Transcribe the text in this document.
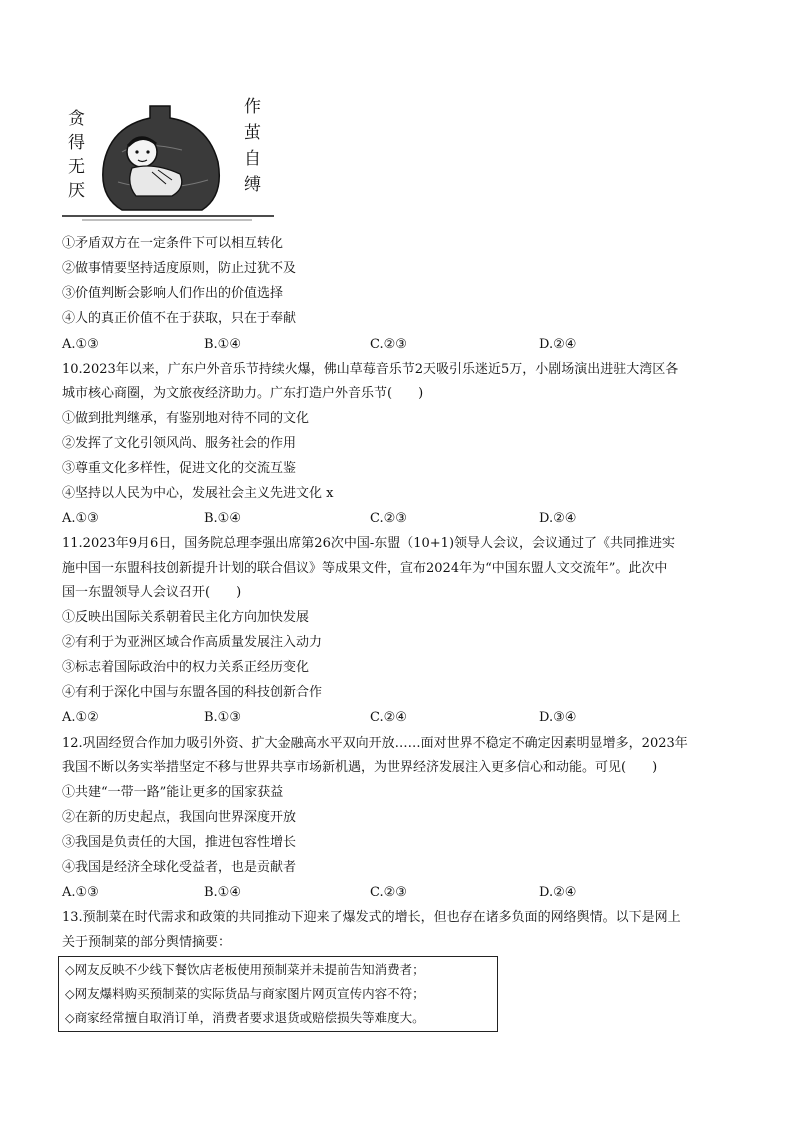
贪
得
无
厌
作
茧
自
缚
①矛盾双方在一定条件下可以相互转化
②做事情要坚持适度原则，防止过犹不及
③价值判断会影响人们作出的价值选择
④人的真正价值不在于获取，只在于奉献
A.①③	B.①④	C.②③	D.②④
10.2023年以来，广东户外音乐节持续火爆，佛山草莓音乐节2天吸引乐迷近5万，小剧场演出进驻大湾区各
城市核心商圈，为文旅夜经济助力。广东打造户外音乐节(　　)
①做到批判继承，有鉴别地对待不同的文化
②发挥了文化引领风尚、服务社会的作用
③尊重文化多样性，促进文化的交流互鉴
④坚持以人民为中心，发展社会主义先进文化 x
A.①③	B.①④	C.②③	D.②④
11.2023年9月6日，国务院总理李强出席第26次中国-东盟（10+1)领导人会议，会议通过了《共同推进实
施中国一东盟科技创新提升计划的联合倡议》等成果文件，宣布2024年为“中国东盟人文交流年”。此次中
国一东盟领导人会议召开(　　)
①反映出国际关系朝着民主化方向加快发展
②有利于为亚洲区域合作高质量发展注入动力
③标志着国际政治中的权力关系正经历变化
④有利于深化中国与东盟各国的科技创新合作
A.①②	B.①③	C.②④	D.③④
12.巩固经贸合作加力吸引外资、扩大金融高水平双向开放……面对世界不稳定不确定因素明显增多，2023年
我国不断以务实举措坚定不移与世界共享市场新机遇，为世界经济发展注入更多信心和动能。可见(　　)
①共建“一带一路”能让更多的国家获益
②在新的历史起点，我国向世界深度开放
③我国是负责任的大国，推进包容性增长
④我国是经济全球化受益者，也是贡献者
A.①③	B.①④	C.②③	D.②④
13.预制菜在时代需求和政策的共同推动下迎来了爆发式的增长，但也存在诸多负面的网络舆情。以下是网上
关于预制菜的部分舆情摘要：
◇网友反映不少线下餐饮店老板使用预制菜并未提前告知消费者；
◇网友爆料购买预制菜的实际货品与商家图片网页宣传内容不符；
◇商家经常擅自取消订单，消费者要求退货或赔偿损失等难度大。
